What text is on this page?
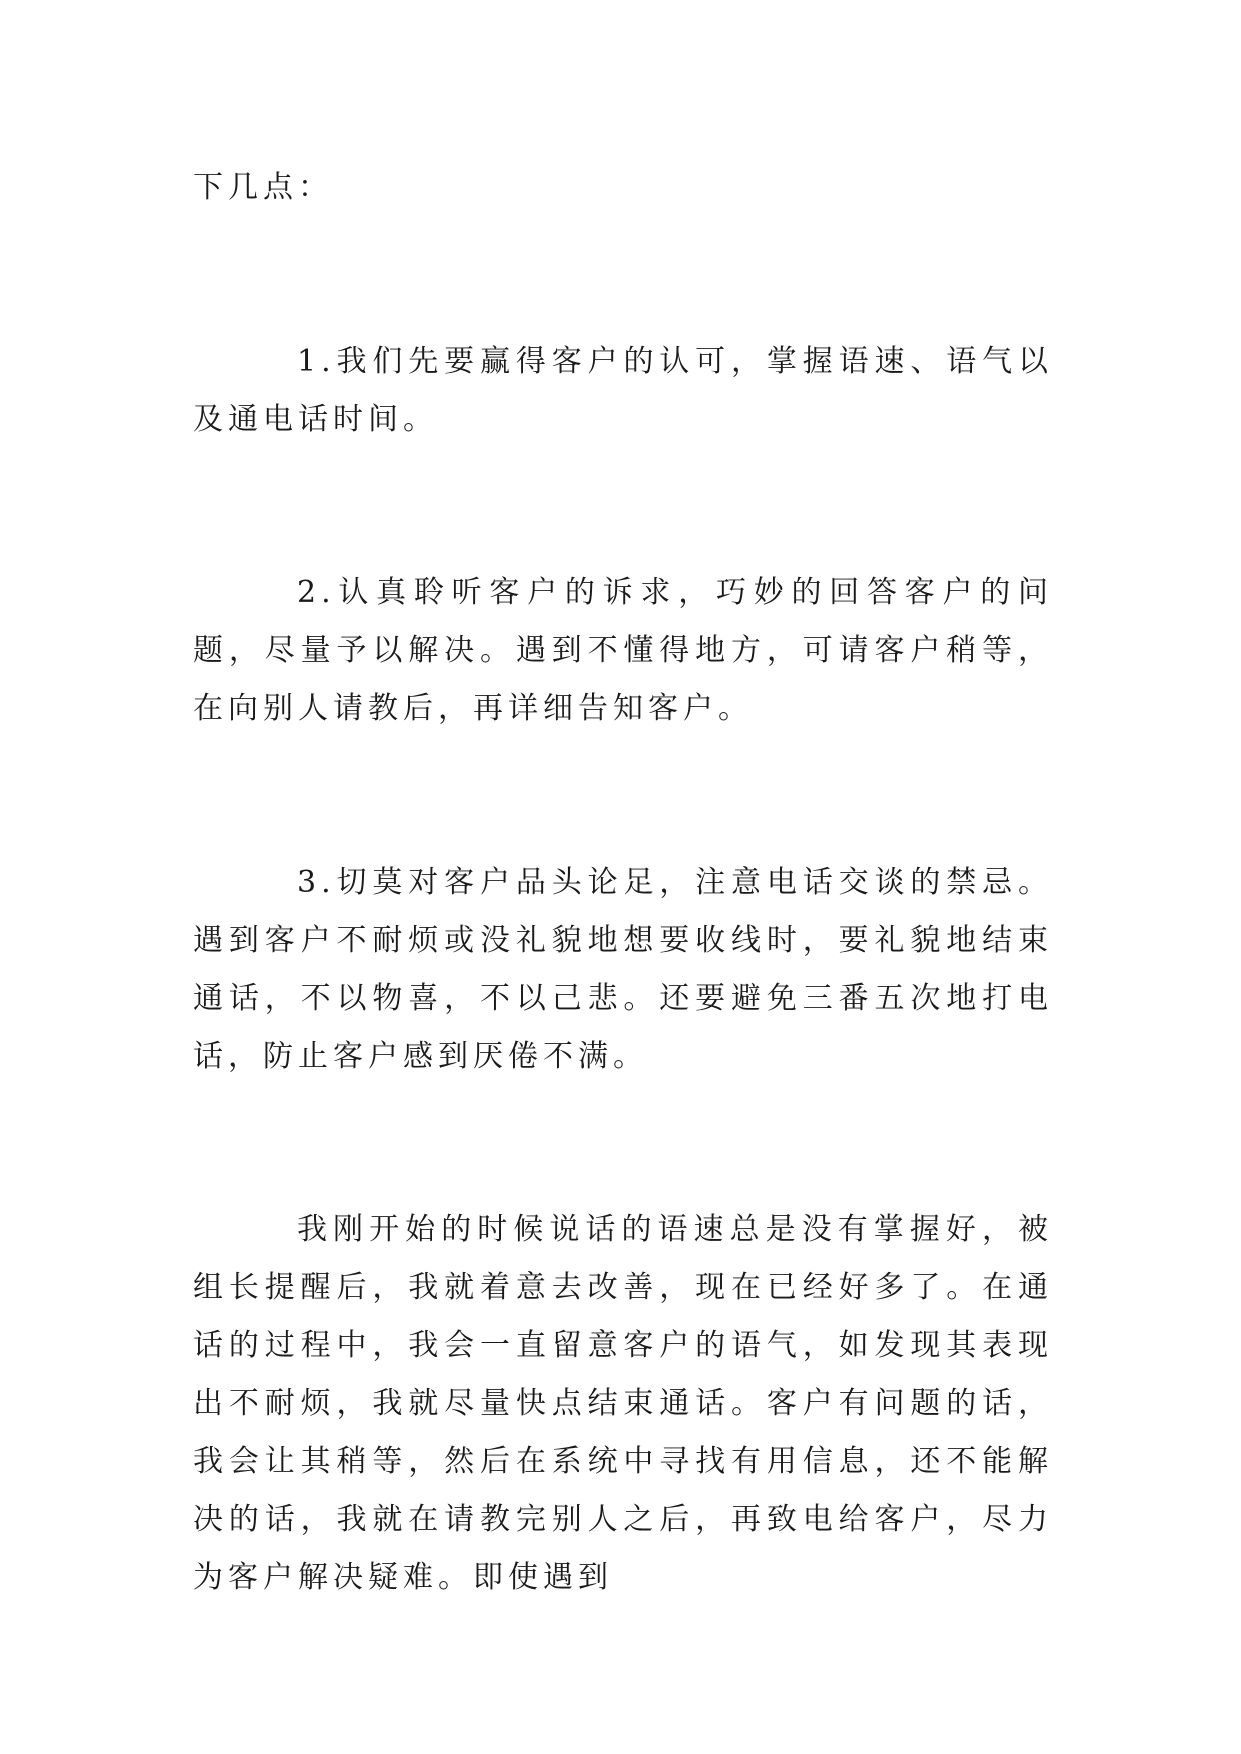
下几点：

1.我们先要赢得客户的认可，掌握语速、语气以及通电话时间。

2.认真聆听客户的诉求，巧妙的回答客户的问题，尽量予以解决。遇到不懂得地方，可请客户稍等，在向别人请教后，再详细告知客户。

3.切莫对客户品头论足，注意电话交谈的禁忌。遇到客户不耐烦或没礼貌地想要收线时，要礼貌地结束通话，不以物喜，不以己悲。还要避免三番五次地打电话，防止客户感到厌倦不满。

我刚开始的时候说话的语速总是没有掌握好，被组长提醒后，我就着意去改善，现在已经好多了。在通话的过程中，我会一直留意客户的语气，如发现其表现出不耐烦，我就尽量快点结束通话。客户有问题的话，我会让其稍等，然后在系统中寻找有用信息，还不能解决的话，我就在请教完别人之后，再致电给客户，尽力为客户解决疑难。即使遇到
